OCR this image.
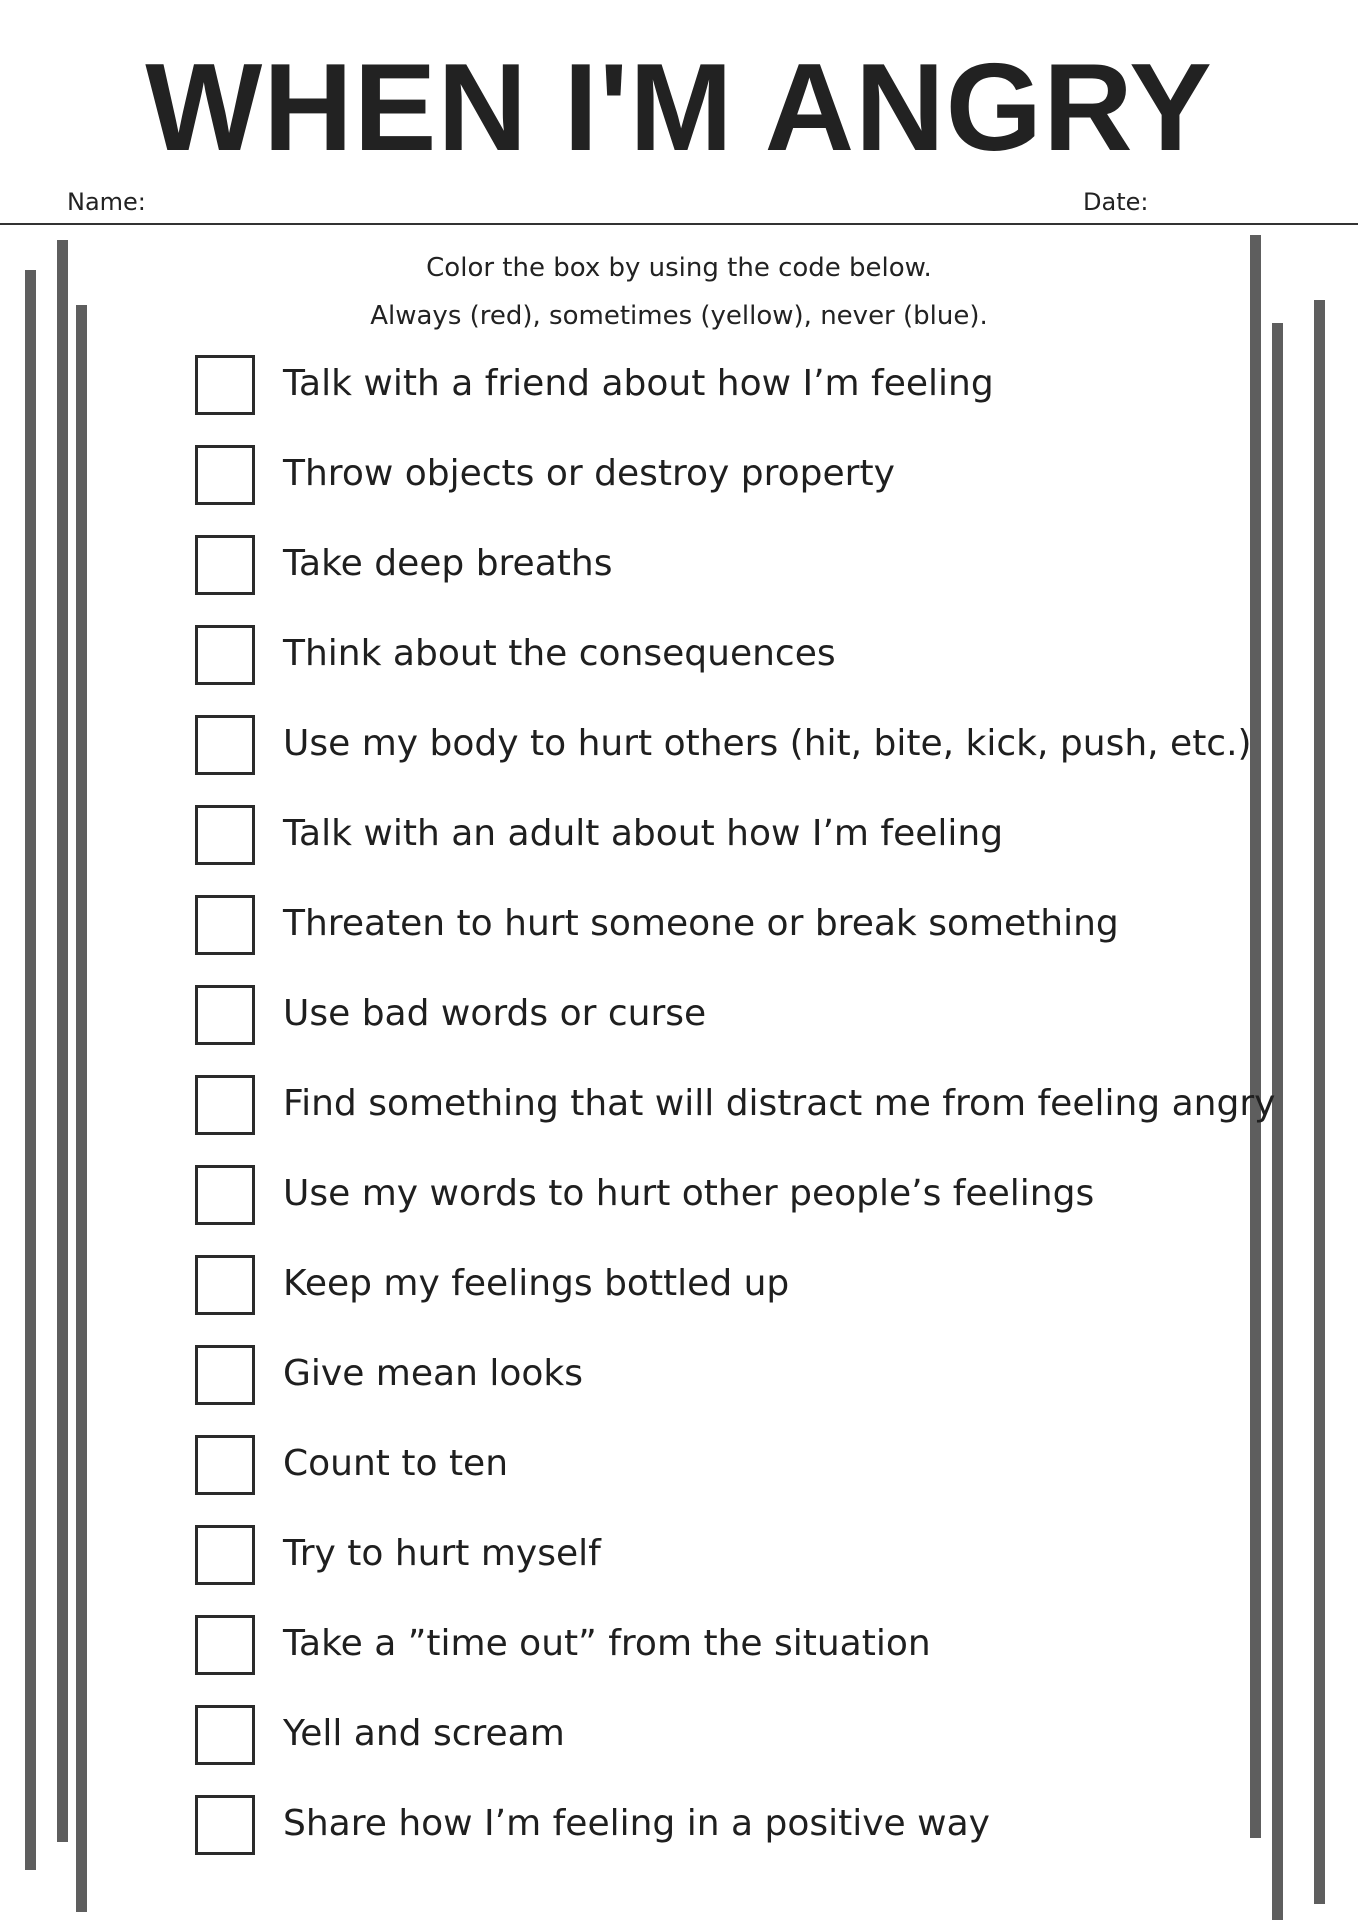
WHEN I'M ANGRY
Name:	Date:
Color the box by using the code below.
Always (red), sometimes (yellow), never (blue).
Talk with a friend about how I’m feeling
Throw objects or destroy property
Take deep breaths
Think about the consequences
Use my body to hurt others (hit, bite, kick, push, etc.)
Talk with an adult about how I’m feeling
Threaten to hurt someone or break something
Use bad words or curse
Find something that will distract me from feeling angry
Use my words to hurt other people’s feelings
Keep my feelings bottled up
Give mean looks
Count to ten
Try to hurt myself
Take a ”time out” from the situation
Yell and scream
Share how I’m feeling in a positive way
